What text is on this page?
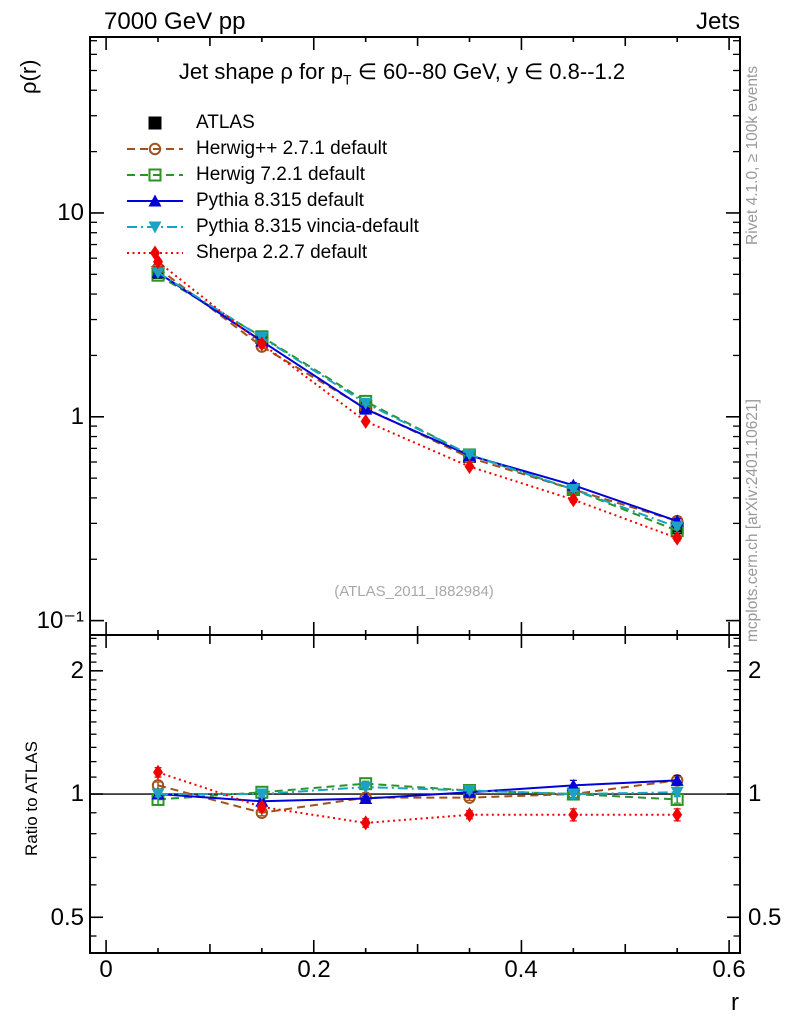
7000 GeV pp	Jets
Jet shape ρ for $p_T$ ∈ 60--80 GeV, y ∈ 0.8--1.2
ρ(r)
Ratio to ATLAS
Rivet 4.1.0, ≥ 100k events
mcplots.cern.ch [arXiv:2401.10621]
(ATLAS_2011_I882984)
ATLAS
Herwig++ 2.7.1 default
Herwig 7.2.1 default
Pythia 8.315 default
Pythia 8.315 vincia-default
Sherpa 2.2.7 default
10
1
10⁻¹
2
1
0.5
2
1
0.5
0	0.2	0.4	0.6
r
